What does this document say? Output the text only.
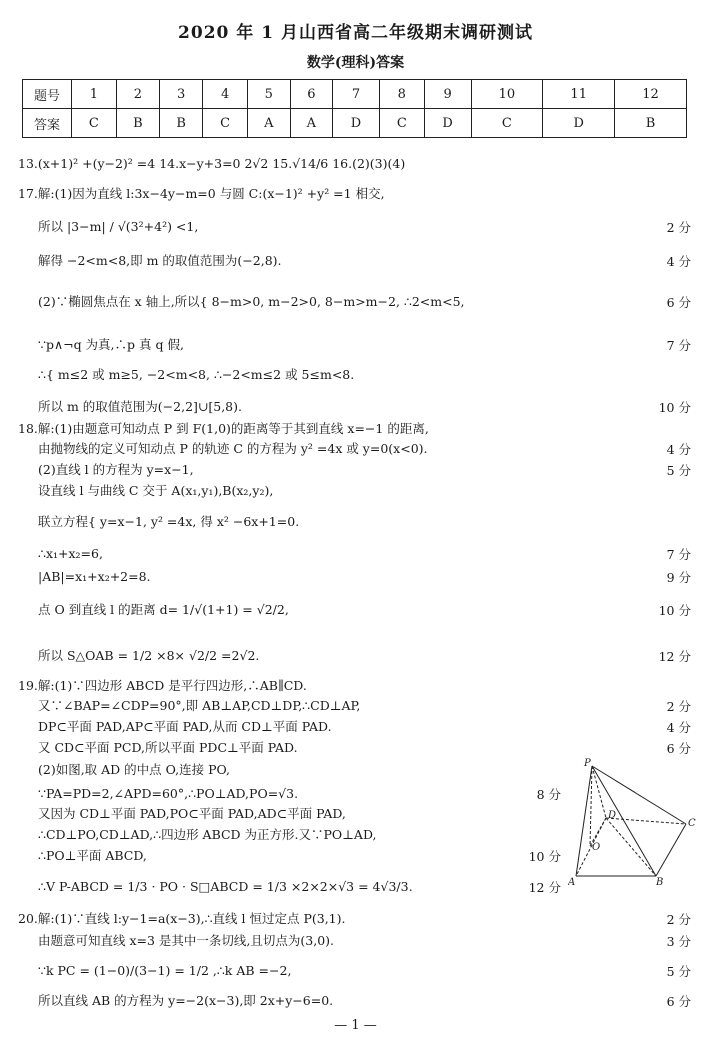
2020 年 1 月山西省高二年级期末调研测试
数学(理科)答案
题号	1	2	3	4	5	6	7	8	9	10	11	12
答案	C	B	B	C	A	A	D	C	D	C	D	B
13.(x+1)² +(y−2)² =4 14.x−y+3=0 2√2 15.√14/6 16.(2)(3)(4)
17.解:(1)因为直线 l:3x−4y−m=0 与圆 C:(x−1)² +y² =1 相交,
所以 |3−m| / √(3²+4²) <1,	2 分
解得 −2<m<8,即 m 的取值范围为(−2,8).	4 分
(2)∵椭圆焦点在 x 轴上,所以{ 8−m>0, m−2>0, 8−m>m−2, ∴2<m<5,	6 分
∵p∧¬q 为真,∴p 真 q 假,	7 分
∴{ m≤2 或 m≥5, −2<m<8, ∴−2<m≤2 或 5≤m<8.
所以 m 的取值范围为(−2,2]∪[5,8).	10 分
18.解:(1)由题意可知动点 P 到 F(1,0)的距离等于其到直线 x=−1 的距离,
由抛物线的定义可知动点 P 的轨迹 C 的方程为 y² =4x 或 y=0(x<0).	4 分
(2)直线 l 的方程为 y=x−1,	5 分
设直线 l 与曲线 C 交于 A(x₁,y₁),B(x₂,y₂),
联立方程{ y=x−1, y² =4x, 得 x² −6x+1=0.
∴x₁+x₂=6,	7 分
|AB|=x₁+x₂+2=8.	9 分
点 O 到直线 l 的距离 d= 1/√(1+1) = √2/2,	10 分
所以 S△OAB = 1/2 ×8× √2/2 =2√2.	12 分
19.解:(1)∵四边形 ABCD 是平行四边形,∴AB∥CD.
又∵∠BAP=∠CDP=90°,即 AB⊥AP,CD⊥DP,∴CD⊥AP,	2 分
DP⊂平面 PAD,AP⊂平面 PAD,从而 CD⊥平面 PAD.	4 分
又 CD⊂平面 PCD,所以平面 PDC⊥平面 PAD.	6 分
(2)如图,取 AD 的中点 O,连接 PO,
∵PA=PD=2,∠APD=60°,∴PO⊥AD,PO=√3.	8 分
又因为 CD⊥平面 PAD,PO⊂平面 PAD,AD⊂平面 PAD,
∴CD⊥PO,CD⊥AD,∴四边形 ABCD 为正方形.又∵PO⊥AD,
∴PO⊥平面 ABCD,	10 分
∴V P-ABCD = 1/3 · PO · S□ABCD = 1/3 ×2×2×√3 = 4√3/3.	12 分
P
D
C
O
A	B
20.解:(1)∵直线 l:y−1=a(x−3),∴直线 l 恒过定点 P(3,1).	2 分
由题意可知直线 x=3 是其中一条切线,且切点为(3,0).	3 分
∵k PC = (1−0)/(3−1) = 1/2 ,∴k AB =−2,	5 分
所以直线 AB 的方程为 y=−2(x−3),即 2x+y−6=0.	6 分
— 1 —
